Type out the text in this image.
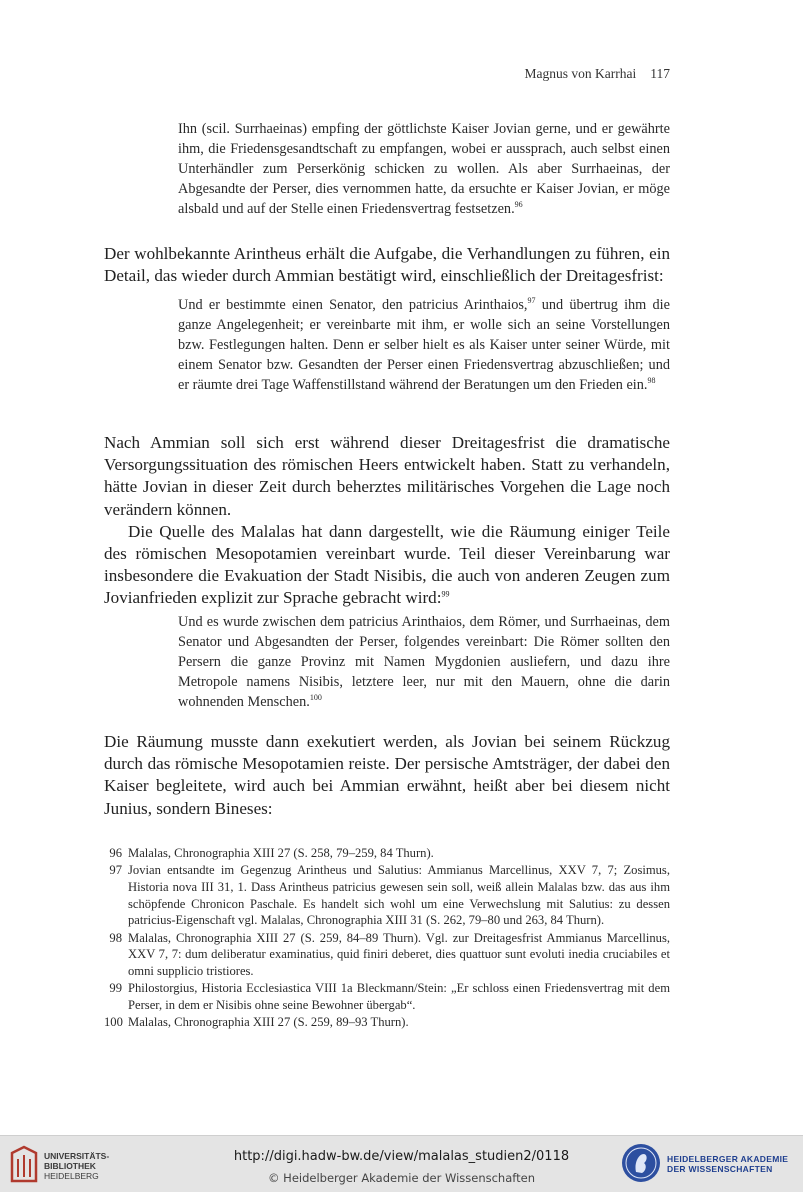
Magnus von Karrhai 117
Ihn (scil. Surrhaeinas) empfing der göttlichste Kaiser Jovian gerne, und er gewährte ihm, die Friedensgesandtschaft zu empfangen, wobei er aussprach, auch selbst einen Unterhändler zum Perserkönig schicken zu wollen. Als aber Surrhaeinas, der Abgesandte der Perser, dies vernommen hatte, da ersuchte er Kaiser Jovian, er möge alsbald und auf der Stelle einen Friedensvertrag festsetzen.$^{96}$

Der wohlbekannte Arintheus erhält die Aufgabe, die Verhandlungen zu führen, ein Detail, das wieder durch Ammian bestätigt wird, einschließlich der Dreitagesfrist:

Und er bestimmte einen Senator, den patricius Arinthaios,$^{97}$ und übertrug ihm die ganze Angelegenheit; er vereinbarte mit ihm, er wolle sich an seine Vorstellungen bzw. Festlegungen halten. Denn er selber hielt es als Kaiser unter seiner Würde, mit einem Senator bzw. Gesandten der Perser einen Friedensvertrag abzuschließen; und er räumte drei Tage Waffenstillstand während der Beratungen um den Frieden ein.$^{98}$

Nach Ammian soll sich erst während dieser Dreitagesfrist die dramatische Versorgungssituation des römischen Heers entwickelt haben. Statt zu verhandeln, hätte Jovian in dieser Zeit durch beherztes militärisches Vorgehen die Lage noch verändern können.

Die Quelle des Malalas hat dann dargestellt, wie die Räumung einiger Teile des römischen Mesopotamien vereinbart wurde. Teil dieser Vereinbarung war insbesondere die Evakuation der Stadt Nisibis, die auch von anderen Zeugen zum Jovianfrieden explizit zur Sprache gebracht wird:$^{99}$

Und es wurde zwischen dem patricius Arinthaios, dem Römer, und Surrhaeinas, dem Senator und Abgesandten der Perser, folgendes vereinbart: Die Römer sollten den Persern die ganze Provinz mit Namen Mygdonien ausliefern, und dazu ihre Metropole namens Nisibis, letztere leer, nur mit den Mauern, ohne die darin wohnenden Menschen.$^{100}$

Die Räumung musste dann exekutiert werden, als Jovian bei seinem Rückzug durch das römische Mesopotamien reiste. Der persische Amtsträger, der dabei den Kaiser begleitete, wird auch bei Ammian erwähnt, heißt aber bei diesem nicht Junius, sondern Bineses:

96 Malalas, Chronographia XIII 27 (S. 258, 79–259, 84 Thurn).
97 Jovian entsandte im Gegenzug Arintheus und Salutius: Ammianus Marcellinus, XXV 7, 7; Zosimus, Historia nova III 31, 1. Dass Arintheus patricius gewesen sein soll, weiß allein Malalas bzw. das aus ihm schöpfende Chronicon Paschale. Es handelt sich wohl um eine Verwechslung mit Salutius: zu dessen patricius-Eigenschaft vgl. Malalas, Chronographia XIII 31 (S. 262, 79–80 und 263, 84 Thurn).
98 Malalas, Chronographia XIII 27 (S. 259, 84–89 Thurn). Vgl. zur Dreitagesfrist Ammianus Marcellinus, XXV 7, 7: dum deliberatur examinatius, quid finiri deberet, dies quattuor sunt evoluti inedia cruciabiles et omni supplicio tristiores.
99 Philostorgius, Historia Ecclesiastica VIII 1a Bleckmann/Stein: „Er schloss einen Friedensvertrag mit dem Perser, in dem er Nisibis ohne seine Bewohner übergab“.
100 Malalas, Chronographia XIII 27 (S. 259, 89–93 Thurn).
UNIVERSITÄTS-
BIBLIOTHEK
HEIDELBERG
http://digi.hadw-bw.de/view/malalas_studien2/0118
© Heidelberger Akademie der Wissenschaften
HEIDELBERGER AKADEMIE
DER WISSENSCHAFTEN
